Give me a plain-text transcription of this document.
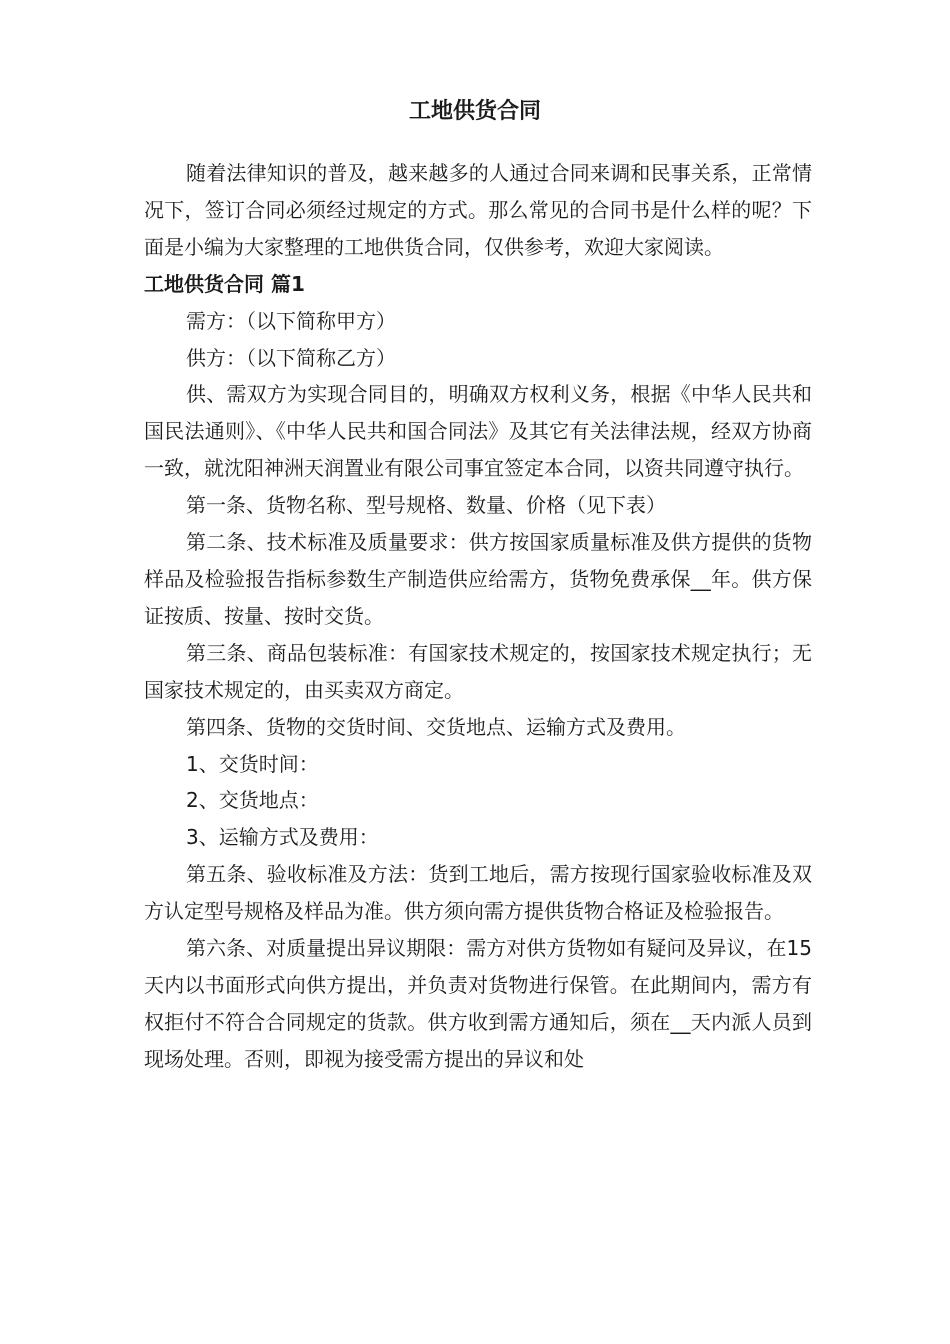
工地供货合同

随着法律知识的普及，越来越多的人通过合同来调和民事关系，正常情况下，签订合同必须经过规定的方式。那么常见的合同书是什么样的呢？下面是小编为大家整理的工地供货合同，仅供参考，欢迎大家阅读。

工地供货合同 篇1

需方：（以下简称甲方）

供方：（以下简称乙方）

供、需双方为实现合同目的，明确双方权利义务，根据《中华人民共和国民法通则》、《中华人民共和国合同法》及其它有关法律法规，经双方协商一致，就沈阳神洲天润置业有限公司事宜签定本合同，以资共同遵守执行。

第一条、货物名称、型号规格、数量、价格（见下表）

第二条、技术标准及质量要求：供方按国家质量标准及供方提供的货物样品及检验报告指标参数生产制造供应给需方，货物免费承保__年。供方保证按质、按量、按时交货。

第三条、商品包装标准：有国家技术规定的，按国家技术规定执行；无国家技术规定的，由买卖双方商定。

第四条、货物的交货时间、交货地点、运输方式及费用。

1、交货时间：

2、交货地点：

3、运输方式及费用：

第五条、验收标准及方法：货到工地后，需方按现行国家验收标准及双方认定型号规格及样品为准。供方须向需方提供货物合格证及检验报告。

第六条、对质量提出异议期限：需方对供方货物如有疑问及异议，在15天内以书面形式向供方提出，并负责对货物进行保管。在此期间内，需方有权拒付不符合合同规定的货款。供方收到需方通知后，须在__天内派人员到现场处理。否则，即视为接受需方提出的异议和处
